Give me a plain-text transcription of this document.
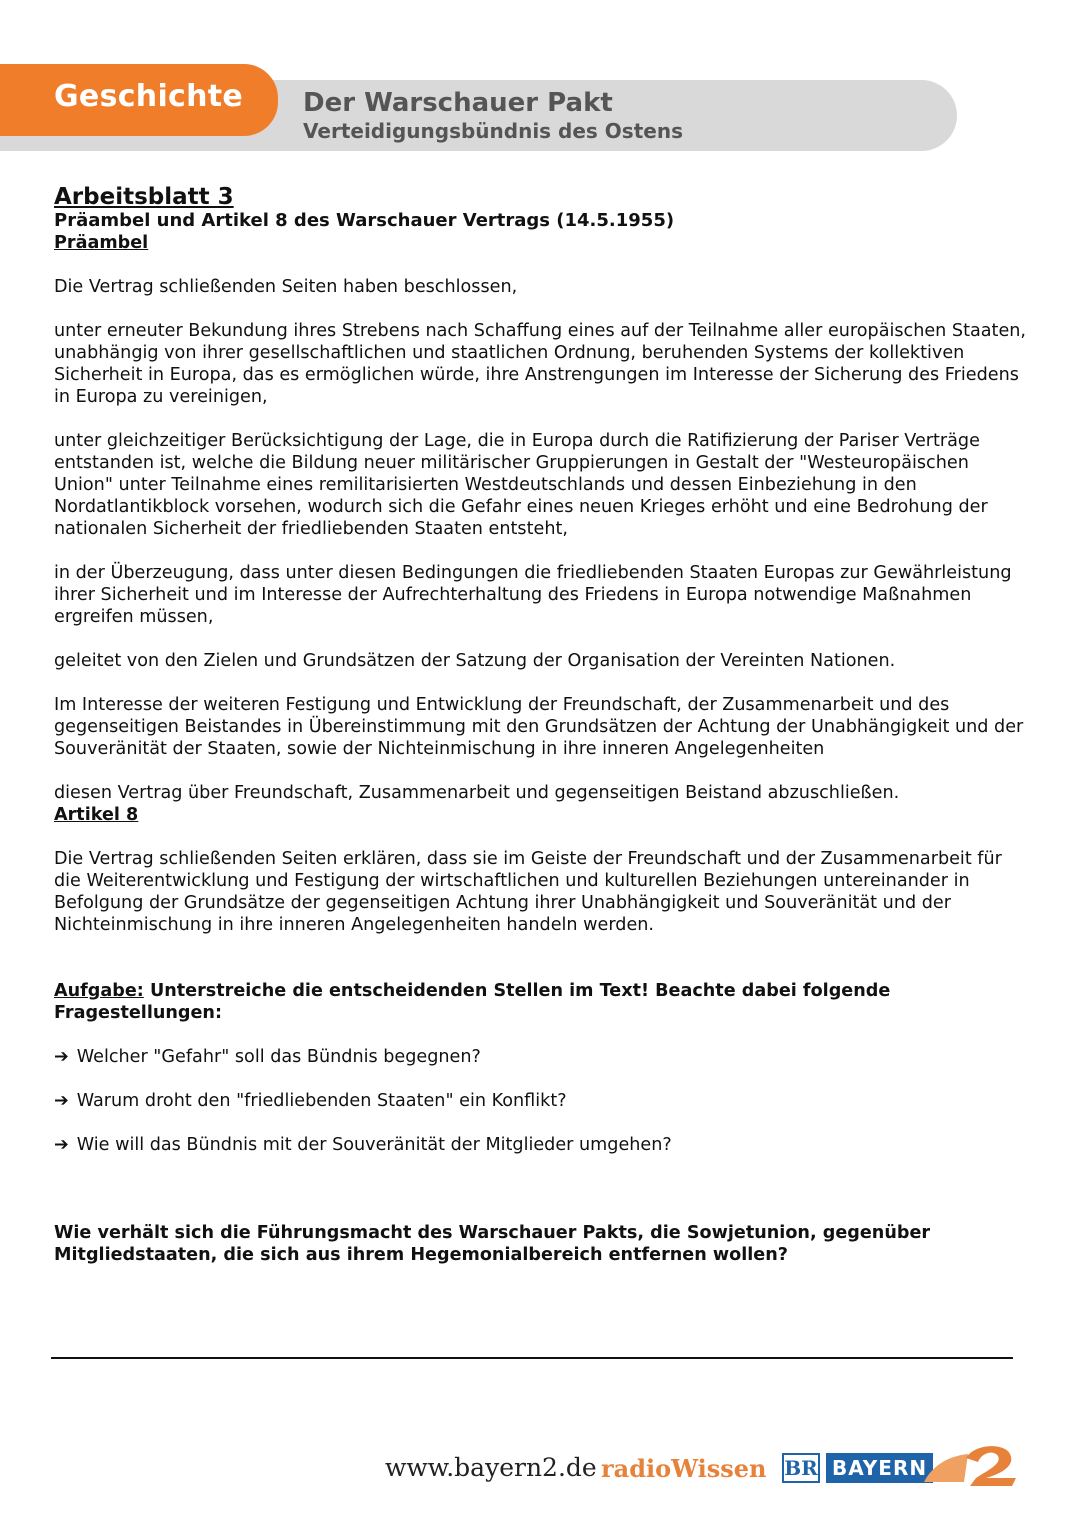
Geschichte Der Warschauer Pakt
Verteidigungsbündnis des Ostens

Arbeitsblatt 3

Präambel und Artikel 8 des Warschauer Vertrags (14.5.1955)

Präambel

Die Vertrag schließenden Seiten haben beschlossen,

unter erneuter Bekundung ihres Strebens nach Schaffung eines auf der Teilnahme aller europäischen Staaten, unabhängig von ihrer gesellschaftlichen und staatlichen Ordnung, beruhenden Systems der kollektiven Sicherheit in Europa, das es ermöglichen würde, ihre Anstrengungen im Interesse der Sicherung des Friedens in Europa zu vereinigen,

unter gleichzeitiger Berücksichtigung der Lage, die in Europa durch die Ratifizierung der Pariser Verträge entstanden ist, welche die Bildung neuer militärischer Gruppierungen in Gestalt der "Westeuropäischen Union" unter Teilnahme eines remilitarisierten Westdeutschlands und dessen Einbeziehung in den Nordatlantikblock vorsehen, wodurch sich die Gefahr eines neuen Krieges erhöht und eine Bedrohung der nationalen Sicherheit der friedliebenden Staaten entsteht,

in der Überzeugung, dass unter diesen Bedingungen die friedliebenden Staaten Europas zur Gewährleistung ihrer Sicherheit und im Interesse der Aufrechterhaltung des Friedens in Europa notwendige Maßnahmen ergreifen müssen,

geleitet von den Zielen und Grundsätzen der Satzung der Organisation der Vereinten Nationen.

Im Interesse der weiteren Festigung und Entwicklung der Freundschaft, der Zusammenarbeit und des gegenseitigen Beistandes in Übereinstimmung mit den Grundsätzen der Achtung der Unabhängigkeit und der Souveränität der Staaten, sowie der Nichteinmischung in ihre inneren Angelegenheiten

diesen Vertrag über Freundschaft, Zusammenarbeit und gegenseitigen Beistand abzuschließen.

Artikel 8

Die Vertrag schließenden Seiten erklären, dass sie im Geiste der Freundschaft und der Zusammenarbeit für die Weiterentwicklung und Festigung der wirtschaftlichen und kulturellen Beziehungen untereinander in Befolgung der Grundsätze der gegenseitigen Achtung ihrer Unabhängigkeit und Souveränität und der Nichteinmischung in ihre inneren Angelegenheiten handeln werden.

Aufgabe: Unterstreiche die entscheidenden Stellen im Text! Beachte dabei folgende Fragestellungen:

➔ Welcher "Gefahr" soll das Bündnis begegnen?

➔ Warum droht den "friedliebenden Staaten" ein Konflikt?

➔ Wie will das Bündnis mit der Souveränität der Mitglieder umgehen?

Wie verhält sich die Führungsmacht des Warschauer Pakts, die Sowjetunion, gegenüber Mitgliedstaaten, die sich aus ihrem Hegemonialbereich entfernen wollen?

www.bayern2.de radioWissen BR BAYERN
